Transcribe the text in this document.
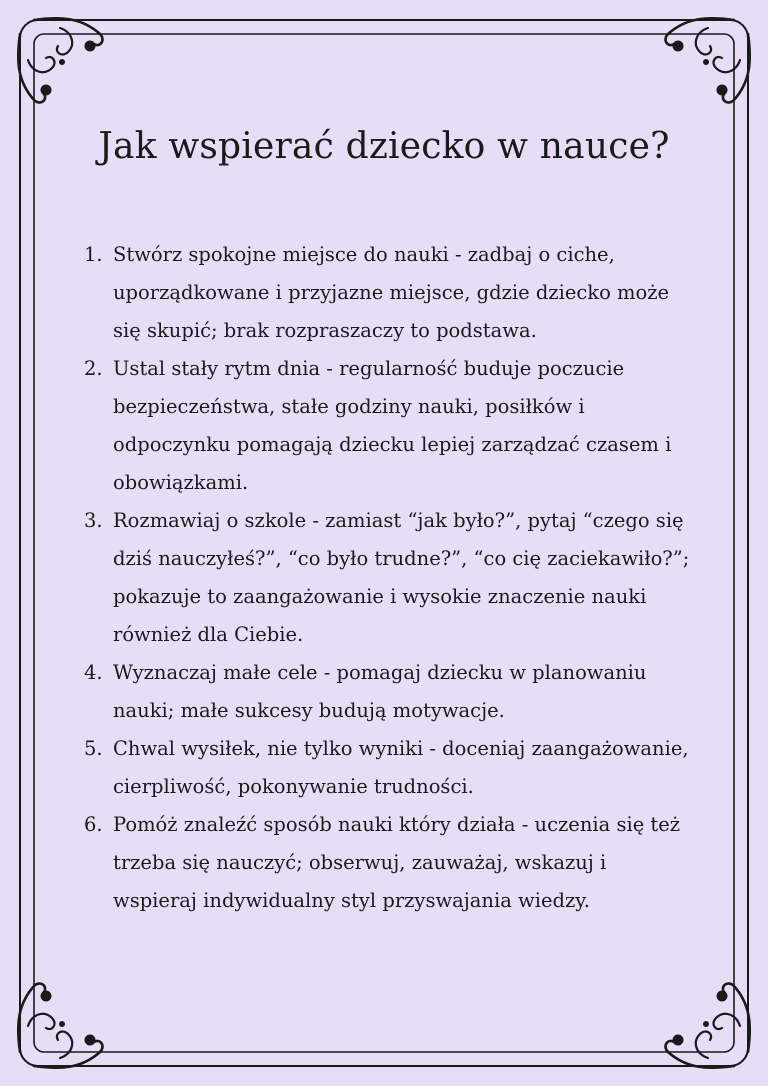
Jak wspierać dziecko w nauce?
1. Stwórz spokojne miejsce do nauki - zadbaj o ciche, uporządkowane i przyjazne miejsce, gdzie dziecko może się skupić; brak rozpraszaczy to podstawa.
2. Ustal stały rytm dnia - regularność buduje poczucie bezpieczeństwa, stałe godziny nauki, posiłków i odpoczynku pomagają dziecku lepiej zarządzać czasem i obowiązkami.
3. Rozmawiaj o szkole - zamiast “jak było?”, pytaj “czego się dziś nauczyłeś?”, “co było trudne?”, “co cię zaciekawiło?”; pokazuje to zaangażowanie i wysokie znaczenie nauki również dla Ciebie.
4. Wyznaczaj małe cele - pomagaj dziecku w planowaniu nauki; małe sukcesy budują motywacje.
5. Chwal wysiłek, nie tylko wyniki - doceniaj zaangażowanie, cierpliwość, pokonywanie trudności.
6. Pomóż znaleźć sposób nauki który działa - uczenia się też trzeba się nauczyć; obserwuj, zauważaj, wskazuj i wspieraj indywidualny styl przyswajania wiedzy.
